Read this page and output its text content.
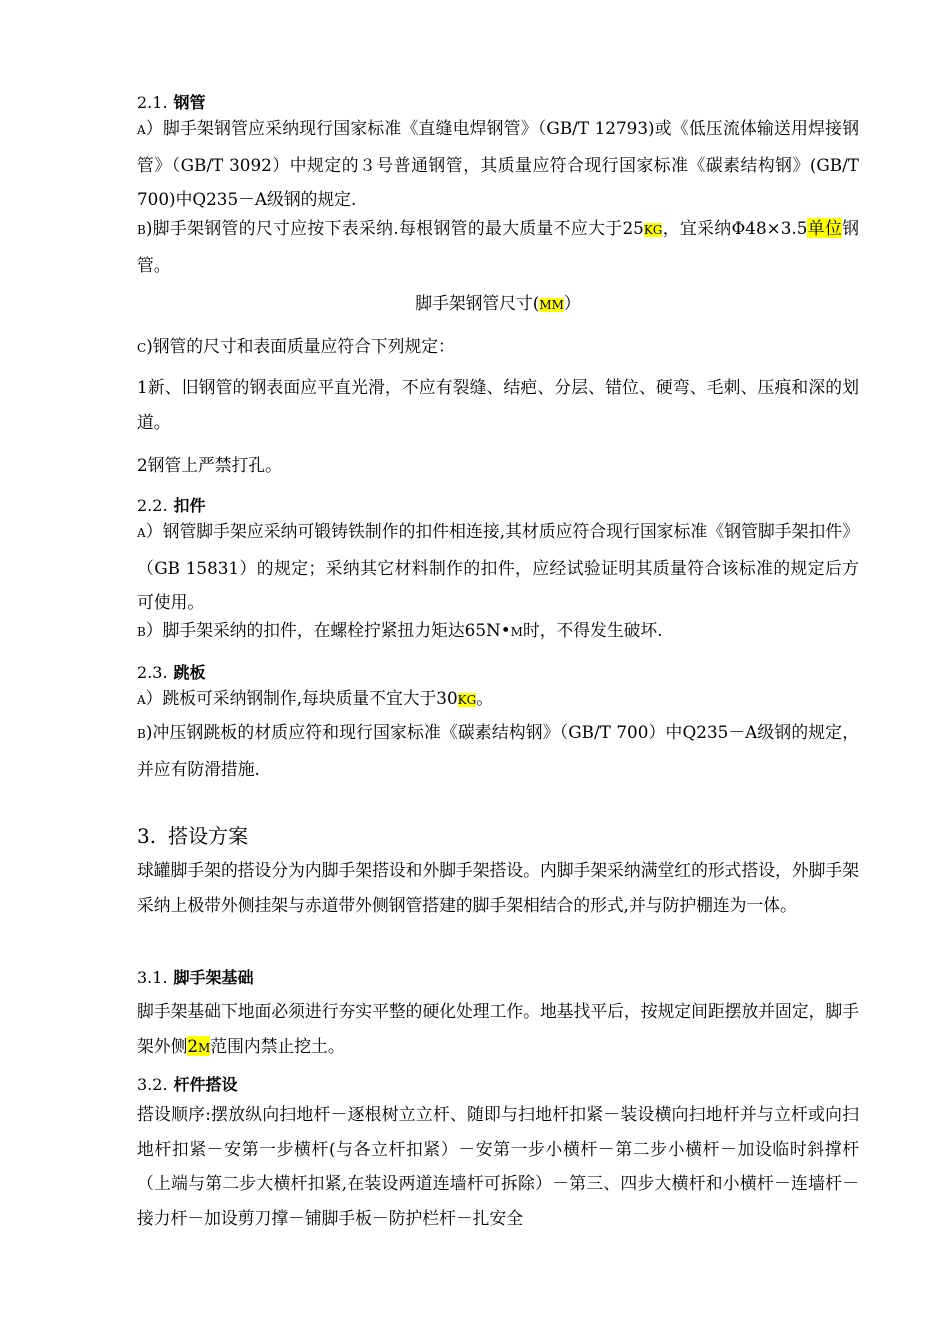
2.1. 钢管
A）脚手架钢管应采纳现行国家标准《直缝电焊钢管》（GB/T 12793)或《低压流体输送用焊接钢管》（GB/T 3092）中规定的３号普通钢管，其质量应符合现行国家标准《碳素结构钢》(GB/T 700)中Q235－A级钢的规定.
B)脚手架钢管的尺寸应按下表采纳.每根钢管的最大质量不应大于25KG，宜采纳Φ48×3.5单位钢管。
脚手架钢管尺寸(MM）
C)钢管的尺寸和表面质量应符合下列规定：
1新、旧钢管的钢表面应平直光滑，不应有裂缝、结疤、分层、错位、硬弯、毛刺、压痕和深的划道。
2钢管上严禁打孔。
2.2. 扣件
A）钢管脚手架应采纳可锻铸铁制作的扣件相连接,其材质应符合现行国家标准《钢管脚手架扣件》（GB 15831）的规定；采纳其它材料制作的扣件，应经试验证明其质量符合该标准的规定后方可使用。
B）脚手架采纳的扣件，在螺栓拧紧扭力矩达65N•M时，不得发生破坏.
2.3. 跳板
A）跳板可采纳钢制作,每块质量不宜大于30KG。
B)冲压钢跳板的材质应符和现行国家标准《碳素结构钢》（GB/T 700）中Q235－A级钢的规定，并应有防滑措施.
3. 搭设方案
球罐脚手架的搭设分为内脚手架搭设和外脚手架搭设。内脚手架采纳满堂红的形式搭设，外脚手架采纳上极带外侧挂架与赤道带外侧钢管搭建的脚手架相结合的形式,并与防护棚连为一体。
3.1. 脚手架基础
脚手架基础下地面必须进行夯实平整的硬化处理工作。地基找平后，按规定间距摆放并固定，脚手架外侧2M范围内禁止挖土。
3.2. 杆件搭设
搭设顺序:摆放纵向扫地杆－逐根树立立杆、随即与扫地杆扣紧－装设横向扫地杆并与立杆或向扫地杆扣紧－安第一步横杆(与各立杆扣紧）－安第一步小横杆－第二步小横杆－加设临时斜撑杆（上端与第二步大横杆扣紧,在装设两道连墙杆可拆除）－第三、四步大横杆和小横杆－连墙杆－接力杆－加设剪刀撑－铺脚手板－防护栏杆－扎安全
